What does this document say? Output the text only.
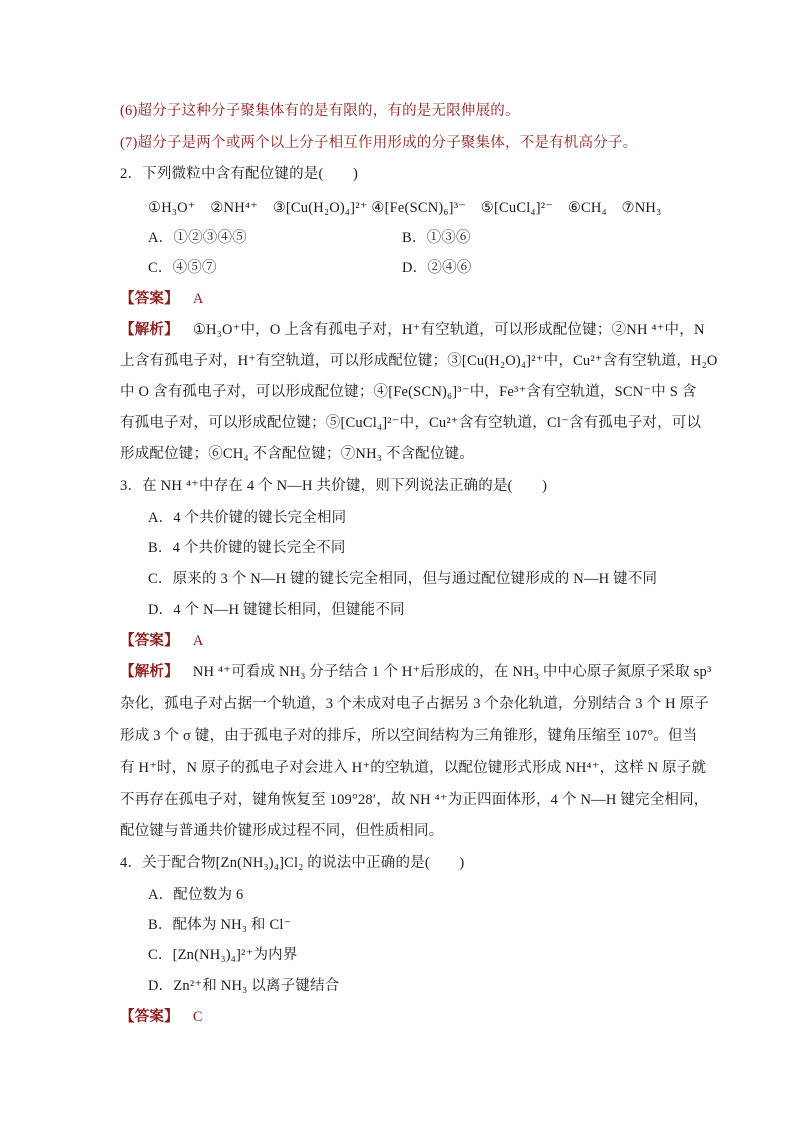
(6)超分子这种分子聚集体有的是有限的，有的是无限伸展的。
(7)超分子是两个或两个以上分子相互作用形成的分子聚集体，不是有机高分子。
2．下列微粒中含有配位键的是(　　)
①H₃O⁺　②NH⁴⁺　③[Cu(H₂O)₄]²⁺ ④[Fe(SCN)₆]³⁻　⑤[CuCl₄]²⁻　⑥CH₄　⑦NH₃
A．①②③④⑤	B．①③⑥
C．④⑤⑦	D．②④⑥
【答案】 A
【解析】 ①H₃O⁺中，O 上含有孤电子对，H⁺有空轨道，可以形成配位键；②NH ⁴⁺中，N
上含有孤电子对，H⁺有空轨道，可以形成配位键；③[Cu(H₂O)₄]²⁺中，Cu²⁺含有空轨道，H₂O
中 O 含有孤电子对，可以形成配位键；④[Fe(SCN)₆]³⁻中，Fe³⁺含有空轨道，SCN⁻中 S 含
有孤电子对，可以形成配位键；⑤[CuCl₄]²⁻中，Cu²⁺含有空轨道，Cl⁻含有孤电子对，可以
形成配位键；⑥CH₄ 不含配位键；⑦NH₃ 不含配位键。
3．在 NH ⁴⁺中存在 4 个 N—H 共价键，则下列说法正确的是(　　)
A．4 个共价键的键长完全相同
B．4 个共价键的键长完全不同
C．原来的 3 个 N—H 键的键长完全相同，但与通过配位键形成的 N—H 键不同
D．4 个 N—H 键键长相同，但键能不同
【答案】 A
【解析】 NH ⁴⁺可看成 NH₃ 分子结合 1 个 H⁺后形成的，在 NH₃ 中中心原子氮原子采取 sp³
杂化，孤电子对占据一个轨道，3 个未成对电子占据另 3 个杂化轨道，分别结合 3 个 H 原子
形成 3 个 σ 键，由于孤电子对的排斥，所以空间结构为三角锥形，键角压缩至 107°。但当
有 H⁺时，N 原子的孤电子对会进入 H⁺的空轨道，以配位键形式形成 NH⁴⁺，这样 N 原子就
不再存在孤电子对，键角恢复至 109°28′，故 NH ⁴⁺为正四面体形，4 个 N—H 键完全相同，
配位键与普通共价键形成过程不同，但性质相同。
4．关于配合物[Zn(NH₃)₄]Cl₂ 的说法中正确的是(　　)
A．配位数为 6
B．配体为 NH₃ 和 Cl⁻
C．[Zn(NH₃)₄]²⁺为内界
D．Zn²⁺和 NH₃ 以离子键结合
【答案】 C
